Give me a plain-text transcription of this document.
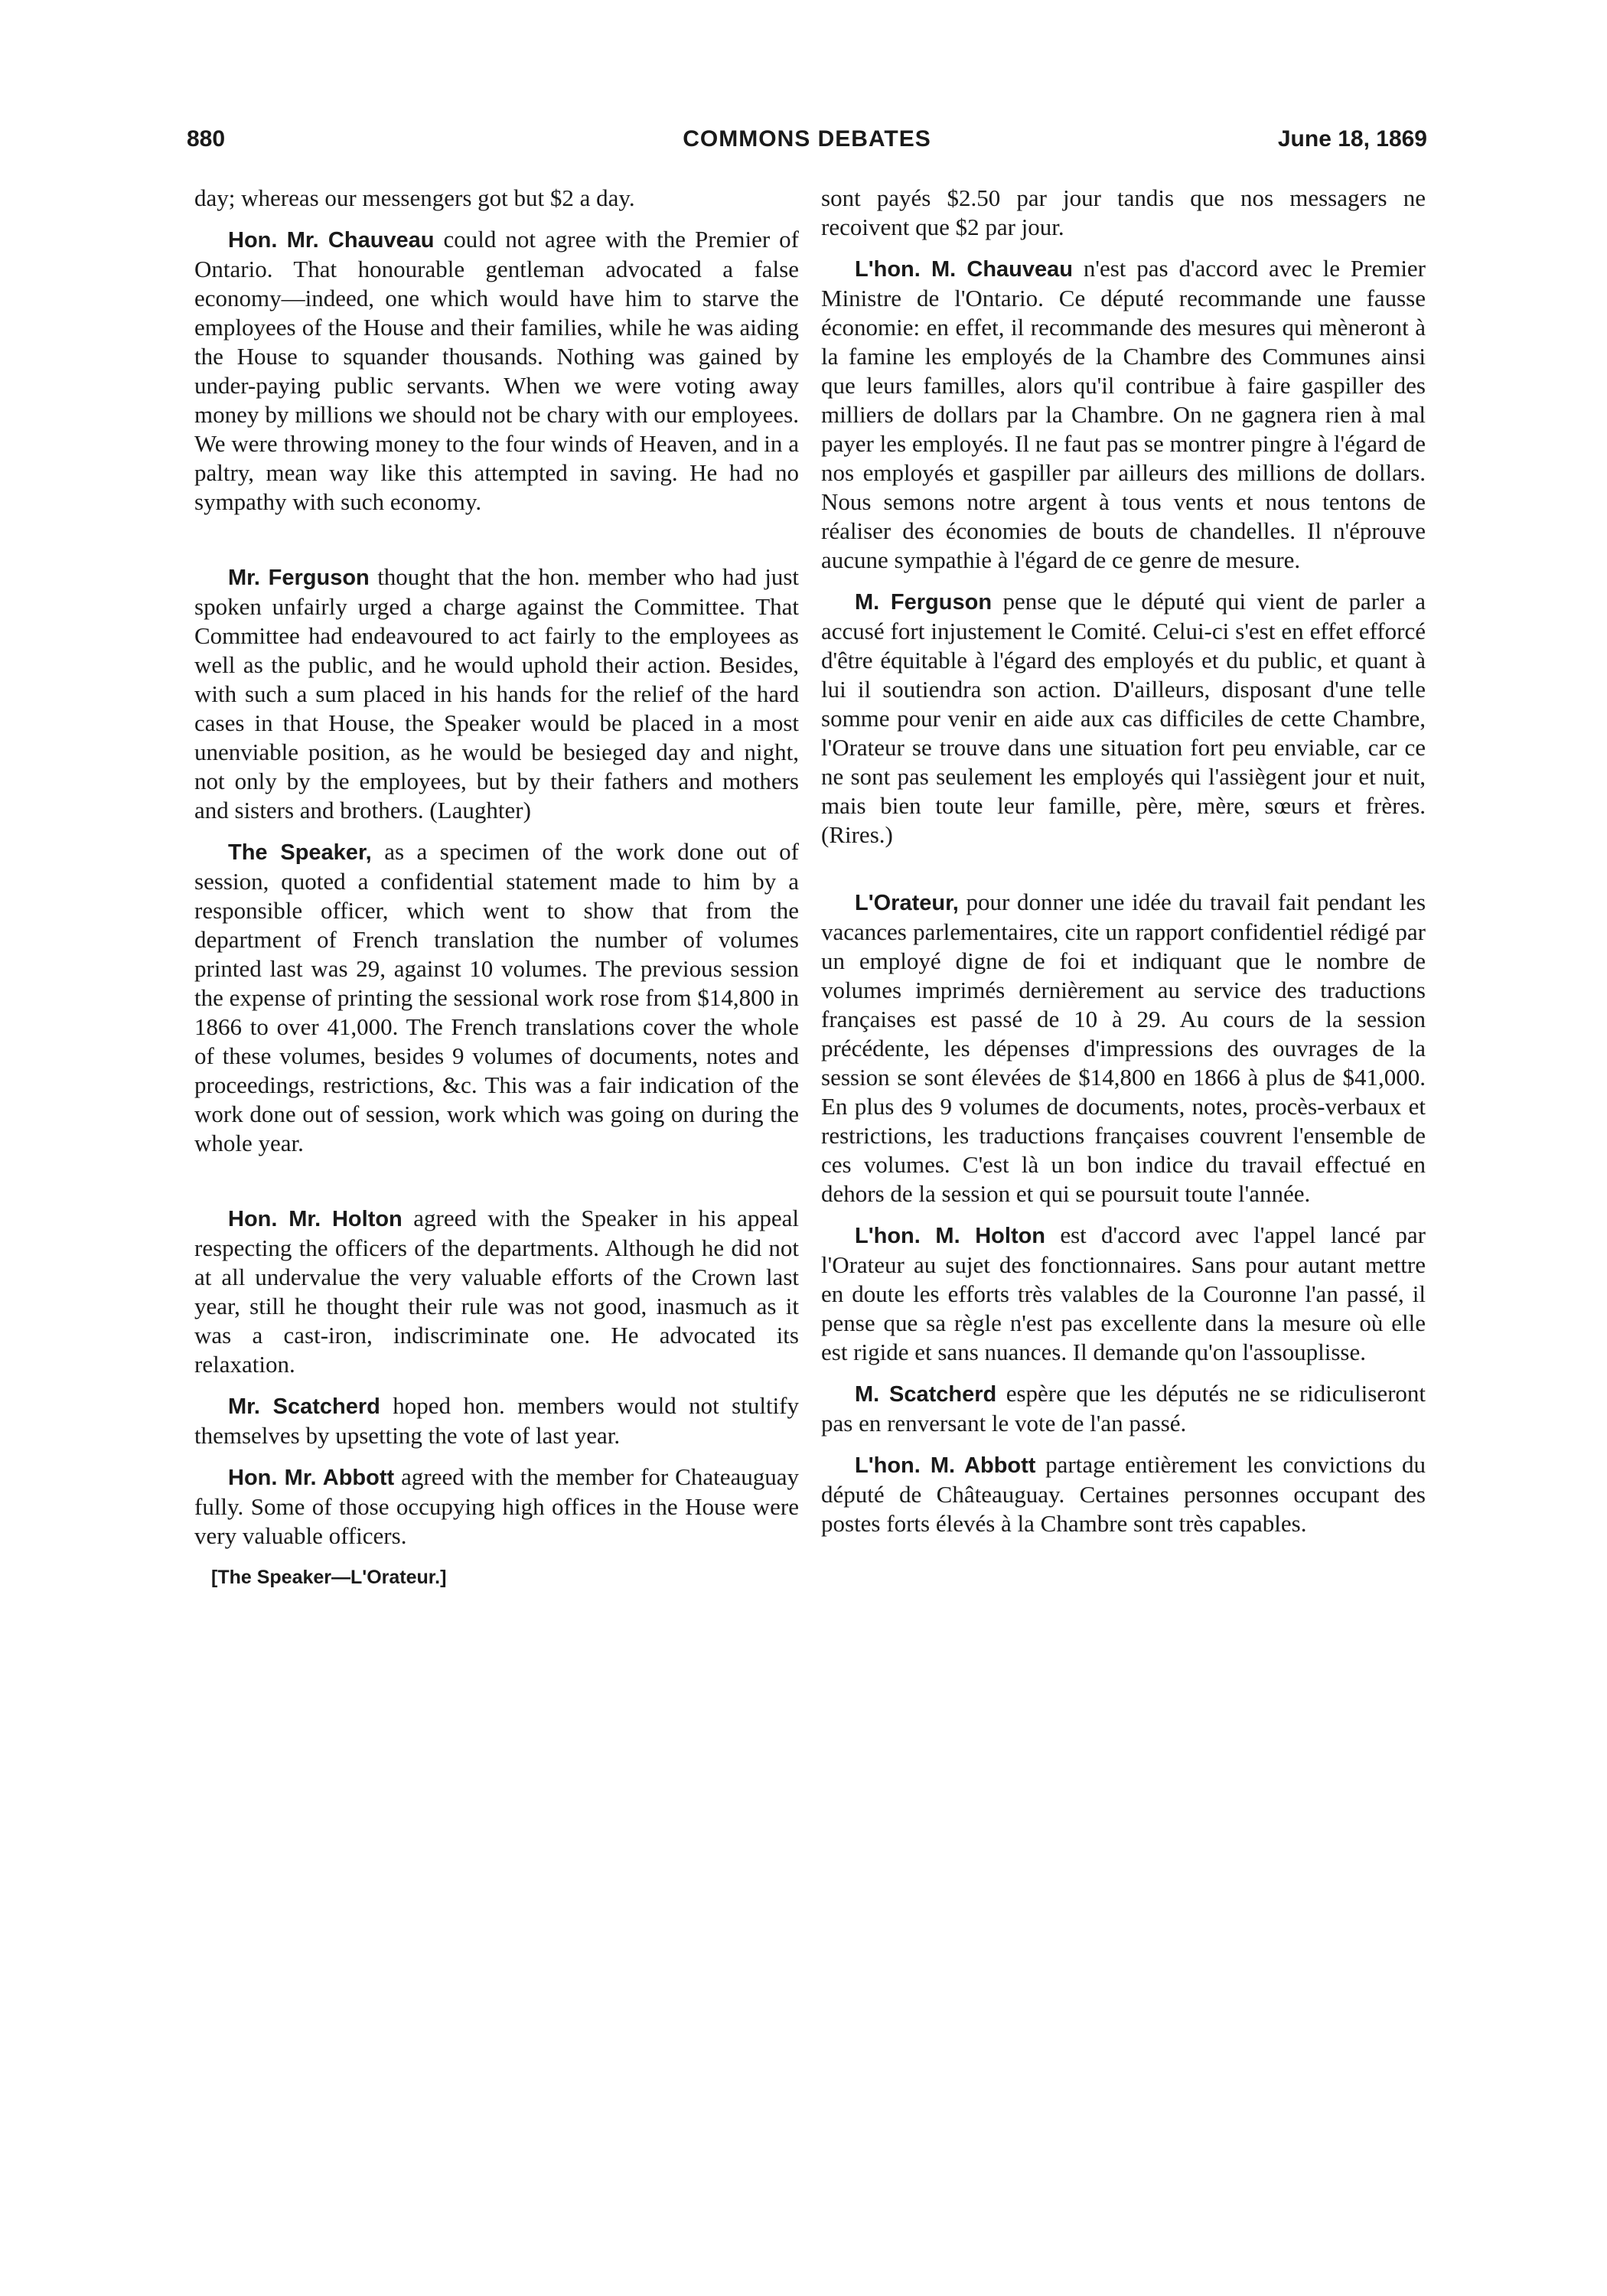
880	COMMONS DEBATES	June 18, 1869

day; whereas our messengers got but $2 a day.

Hon. Mr. Chauveau could not agree with the Premier of Ontario. That honourable gentleman advocated a false economy—indeed, one which would have him to starve the employees of the House and their families, while he was aiding the House to squander thousands. Nothing was gained by under-paying public servants. When we were voting away money by millions we should not be chary with our employees. We were throwing money to the four winds of Heaven, and in a paltry, mean way like this attempted in saving. He had no sympathy with such economy.

Mr. Ferguson thought that the hon. member who had just spoken unfairly urged a charge against the Committee. That Committee had endeavoured to act fairly to the employees as well as the public, and he would uphold their action. Besides, with such a sum placed in his hands for the relief of the hard cases in that House, the Speaker would be placed in a most unenviable position, as he would be besieged day and night, not only by the employees, but by their fathers and mothers and sisters and brothers. (Laughter)

The Speaker, as a specimen of the work done out of session, quoted a confidential statement made to him by a responsible officer, which went to show that from the department of French translation the number of volumes printed last was 29, against 10 volumes. The previous session the expense of printing the sessional work rose from $14,800 in 1866 to over 41,000. The French translations cover the whole of these volumes, besides 9 volumes of documents, notes and proceedings, restrictions, &c. This was a fair indication of the work done out of session, work which was going on during the whole year.

Hon. Mr. Holton agreed with the Speaker in his appeal respecting the officers of the departments. Although he did not at all undervalue the very valuable efforts of the Crown last year, still he thought their rule was not good, inasmuch as it was a cast-iron, indiscriminate one. He advocated its relaxation.

Mr. Scatcherd hoped hon. members would not stultify themselves by upsetting the vote of last year.

Hon. Mr. Abbott agreed with the member for Chateauguay fully. Some of those occupying high offices in the House were very valuable officers.

[The Speaker—L'Orateur.]

sont payés $2.50 par jour tandis que nos messagers ne recoivent que $2 par jour.

L'hon. M. Chauveau n'est pas d'accord avec le Premier Ministre de l'Ontario. Ce député recommande une fausse économie: en effet, il recommande des mesures qui mèneront à la famine les employés de la Chambre des Communes ainsi que leurs familles, alors qu'il contribue à faire gaspiller des milliers de dollars par la Chambre. On ne gagnera rien à mal payer les employés. Il ne faut pas se montrer pingre à l'égard de nos employés et gaspiller par ailleurs des millions de dollars. Nous semons notre argent à tous vents et nous tentons de réaliser des économies de bouts de chandelles. Il n'éprouve aucune sympathie à l'égard de ce genre de mesure.

M. Ferguson pense que le député qui vient de parler a accusé fort injustement le Comité. Celui-ci s'est en effet efforcé d'être équitable à l'égard des employés et du public, et quant à lui il soutiendra son action. D'ailleurs, disposant d'une telle somme pour venir en aide aux cas difficiles de cette Chambre, l'Orateur se trouve dans une situation fort peu enviable, car ce ne sont pas seulement les employés qui l'assiègent jour et nuit, mais bien toute leur famille, père, mère, sœurs et frères. (Rires.)

L'Orateur, pour donner une idée du travail fait pendant les vacances parlementaires, cite un rapport confidentiel rédigé par un employé digne de foi et indiquant que le nombre de volumes imprimés dernièrement au service des traductions françaises est passé de 10 à 29. Au cours de la session précédente, les dépenses d'impressions des ouvrages de la session se sont élevées de $14,800 en 1866 à plus de $41,000. En plus des 9 volumes de documents, notes, procès-verbaux et restrictions, les traductions françaises couvrent l'ensemble de ces volumes. C'est là un bon indice du travail effectué en dehors de la session et qui se poursuit toute l'année.

L'hon. M. Holton est d'accord avec l'appel lancé par l'Orateur au sujet des fonctionnaires. Sans pour autant mettre en doute les efforts très valables de la Couronne l'an passé, il pense que sa règle n'est pas excellente dans la mesure où elle est rigide et sans nuances. Il demande qu'on l'assouplisse.

M. Scatcherd espère que les députés ne se ridiculiseront pas en renversant le vote de l'an passé.

L'hon. M. Abbott partage entièrement les convictions du député de Châteauguay. Certaines personnes occupant des postes forts élevés à la Chambre sont très capables.
